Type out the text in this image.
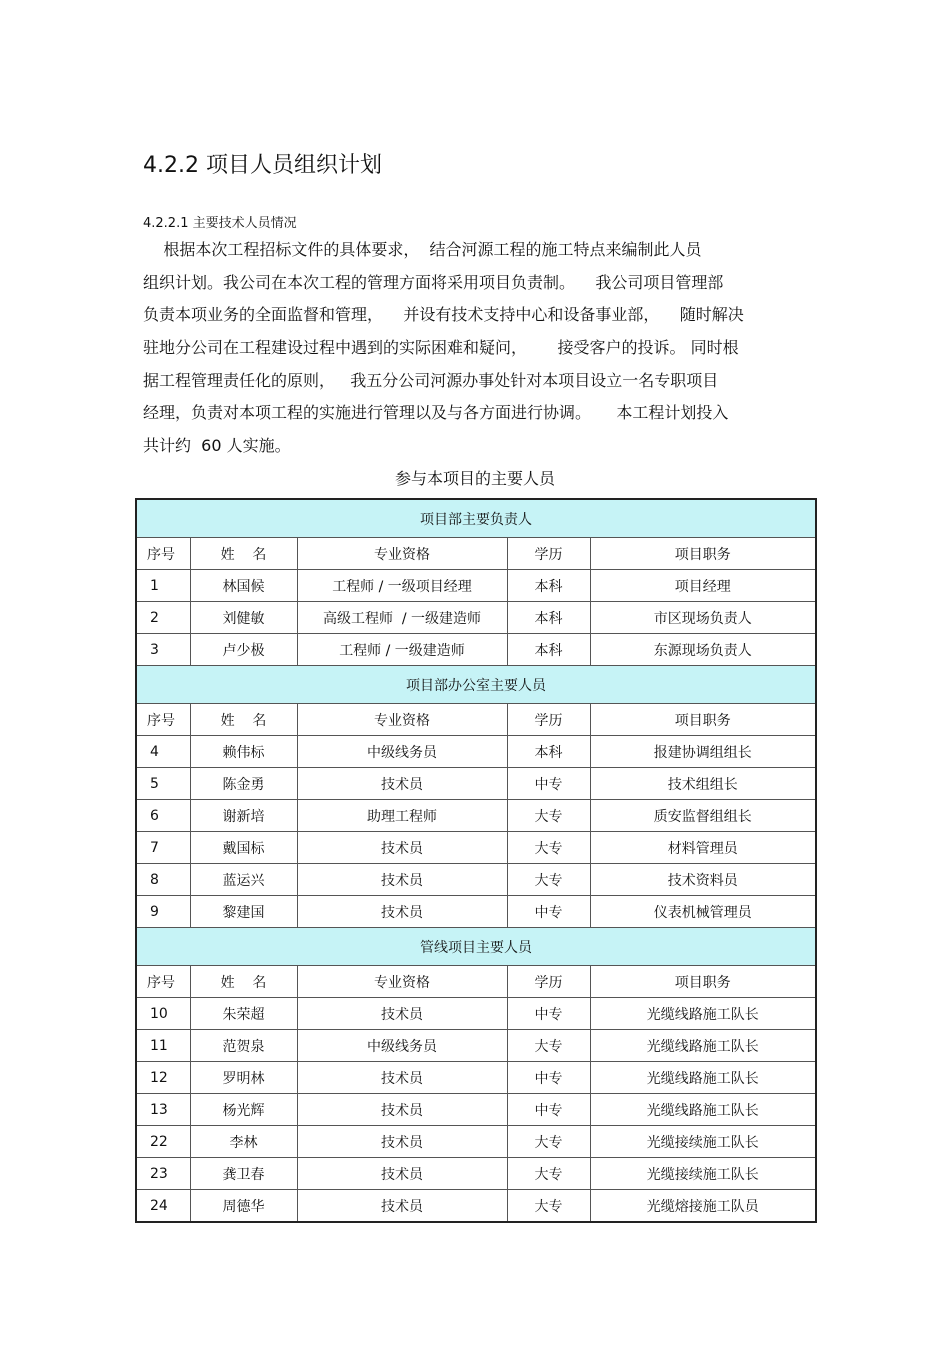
4.2.2 项目人员组织计划
4.2.2.1 主要技术人员情况
根据本次工程招标文件的具体要求，  结合河源工程的施工特点来编制此人员
组织计划。我公司在本次工程的管理方面将采用项目负责制。    我公司项目管理部
负责本项业务的全面监督和管理，    并设有技术支持中心和设备事业部，    随时解决
驻地分公司在工程建设过程中遇到的实际困难和疑问，      接受客户的投诉。 同时根
据工程管理责任化的原则，   我五分公司河源办事处针对本项目设立一名专职项目
经理，负责对本项工程的实施进行管理以及与各方面进行协调。     本工程计划投入
共计约  60 人实施。
参与本项目的主要人员
项目部主要负责人				
序号	姓    名	专业资格	学历	项目职务
1	林国候	工程师 / 一级项目经理	本科	项目经理
2	刘健敏	高级工程师  / 一级建造师	本科	市区现场负责人
3	卢少极	工程师 / 一级建造师	本科	东源现场负责人
项目部办公室主要人员				
序号	姓    名	专业资格	学历	项目职务
4	赖伟标	中级线务员	本科	报建协调组组长
5	陈金勇	技术员	中专	技术组组长
6	谢新培	助理工程师	大专	质安监督组组长
7	戴国标	技术员	大专	材料管理员
8	蓝运兴	技术员	大专	技术资料员
9	黎建国	技术员	中专	仪表机械管理员
管线项目主要人员				
序号	姓    名	专业资格	学历	项目职务
10	朱荣超	技术员	中专	光缆线路施工队长
11	范贺泉	中级线务员	大专	光缆线路施工队长
12	罗明林	技术员	中专	光缆线路施工队长
13	杨光辉	技术员	中专	光缆线路施工队长
22	李林	技术员	大专	光缆接续施工队长
23	龚卫春	技术员	大专	光缆接续施工队长
24	周德华	技术员	大专	光缆熔接施工队员
